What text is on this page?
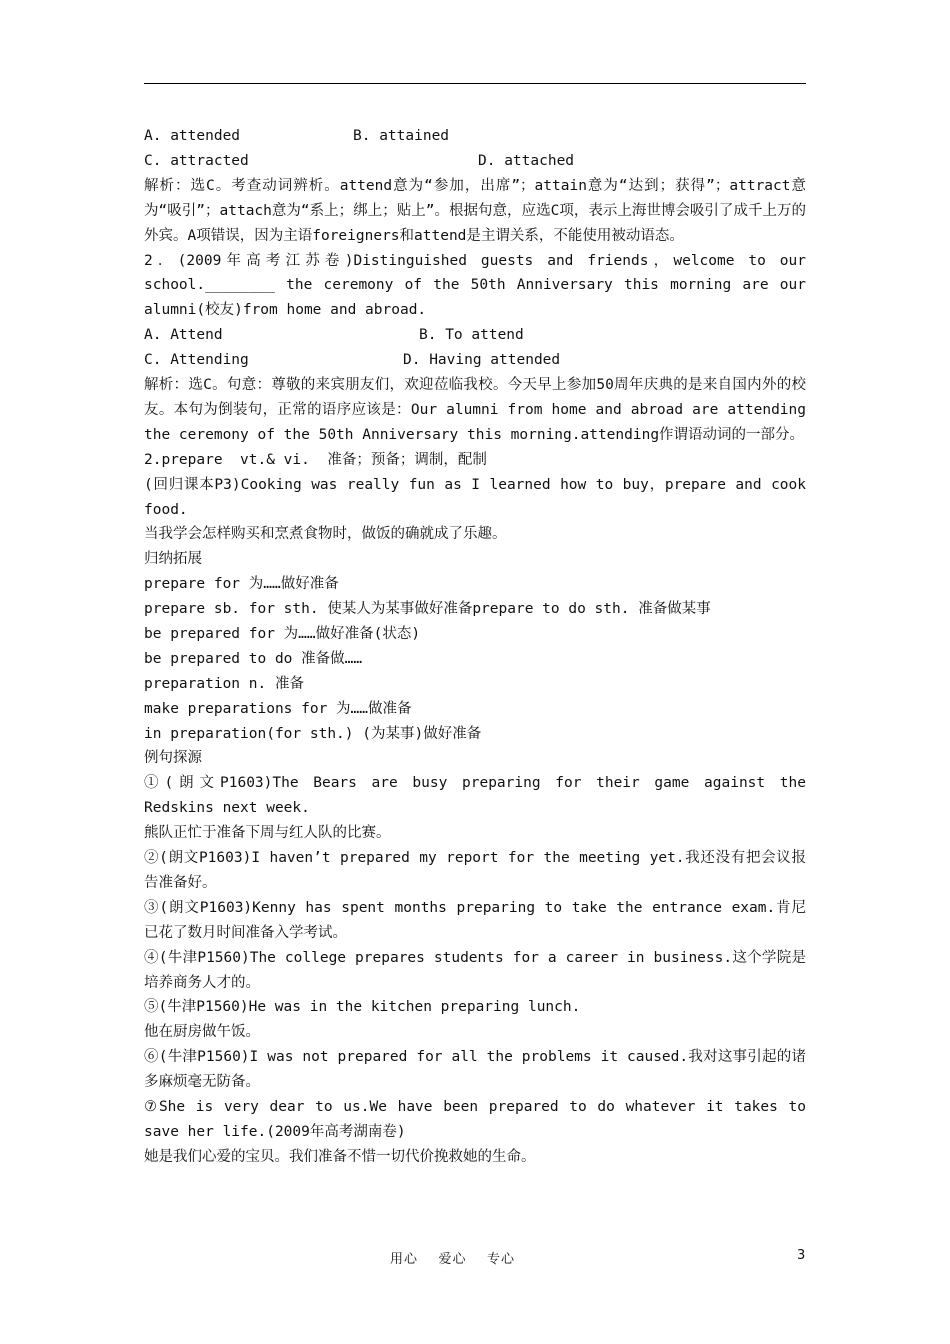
A. attended	B. attained
C. attracted	D. attached
解析：选C。考查动词辨析。attend意为“参加，出席”；attain意为“达到；获得”；attract意为“吸引”；attach意为“系上；绑上；贴上”。根据句意，应选C项，表示上海世博会吸引了成千上万的外宾。A项错误，因为主语foreigners和attend是主谓关系，不能使用被动语态。
2．(2009年高考江苏卷)Distinguished guests and friends，welcome to our school.________ the ceremony of the 50th Anniversary this morning are our alumni(校友)from home and abroad.
A. Attend	B. To attend
C. Attending	D. Having attended
解析：选C。句意：尊敬的来宾朋友们，欢迎莅临我校。今天早上参加50周年庆典的是来自国内外的校友。本句为倒装句，正常的语序应该是：Our alumni from home and abroad are attending the ceremony of the 50th Anniversary this morning.attending作谓语动词的一部分。
2.prepare  vt.& vi.  准备；预备；调制，配制
(回归课本P3)Cooking was really fun as I learned how to buy，prepare and cook food.
当我学会怎样购买和烹煮食物时，做饭的确就成了乐趣。
归纳拓展
prepare for 为……做好准备
prepare sb. for sth. 使某人为某事做好准备prepare to do sth. 准备做某事
be prepared for 为……做好准备(状态)
be prepared to do 准备做……
preparation n. 准备
make preparations for 为……做准备
in preparation(for sth.) (为某事)做好准备
例句探源
①(朗文P1603)The Bears are busy preparing for their game against the Redskins next week.
熊队正忙于准备下周与红人队的比赛。
②(朗文P1603)I haven’t prepared my report for the meeting yet.我还没有把会议报告准备好。
③(朗文P1603)Kenny has spent months preparing to take the entrance exam.肯尼已花了数月时间准备入学考试。
④(牛津P1560)The college prepares students for a career in business.这个学院是培养商务人才的。
⑤(牛津P1560)He was in the kitchen preparing lunch.
他在厨房做午饭。
⑥(牛津P1560)I was not prepared for all the problems it caused.我对这事引起的诸多麻烦毫无防备。
⑦She is very dear to us.We have been prepared to do whatever it takes to save her life.(2009年高考湖南卷)
她是我们心爱的宝贝。我们准备不惜一切代价挽救她的生命。
用心    爱心    专心	3
